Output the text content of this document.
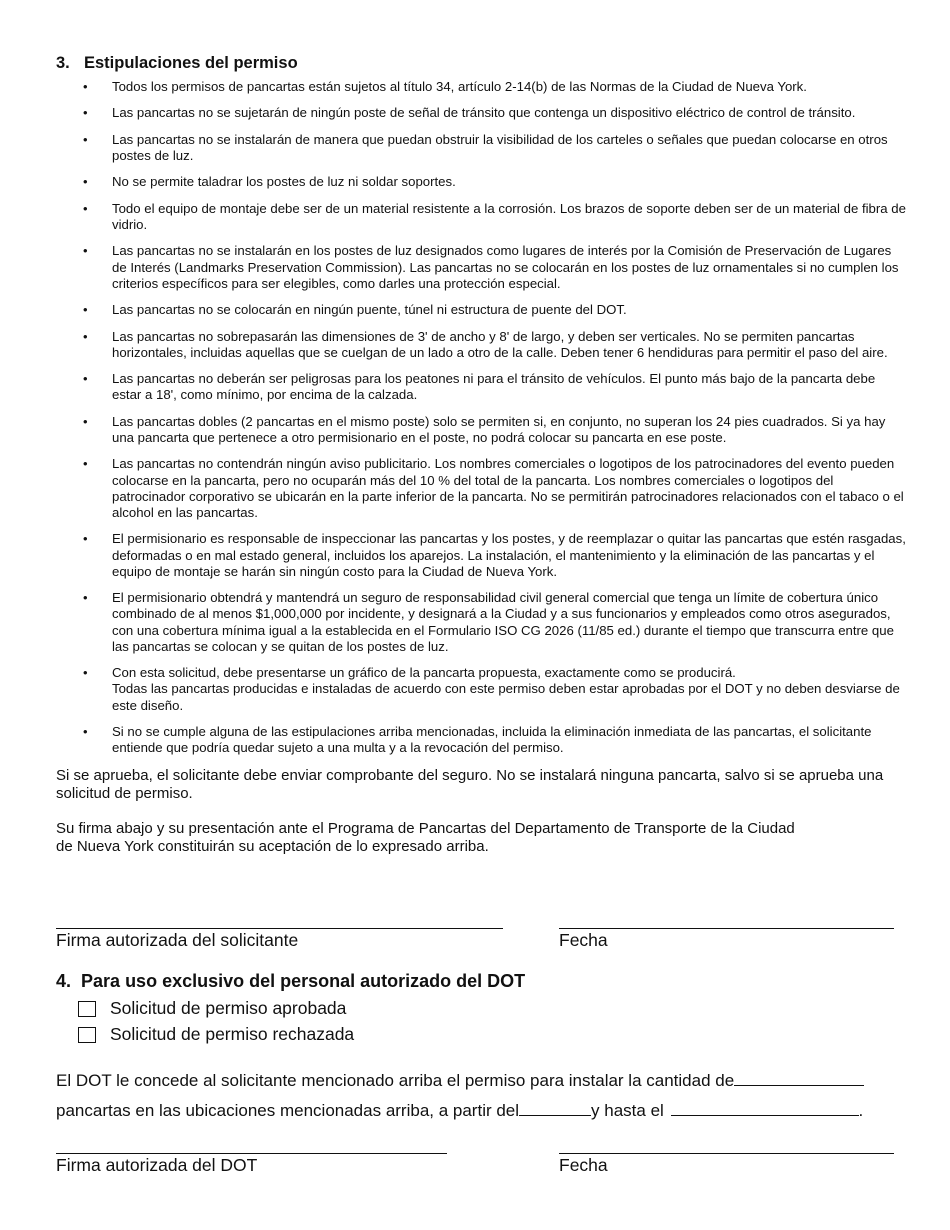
3. Estipulaciones del permiso
• Todos los permisos de pancartas están sujetos al título 34, artículo 2-14(b) de las Normas de la Ciudad de Nueva York.
• Las pancartas no se sujetarán de ningún poste de señal de tránsito que contenga un dispositivo eléctrico de control de tránsito.
• Las pancartas no se instalarán de manera que puedan obstruir la visibilidad de los carteles o señales que puedan colocarse en otros postes de luz.
• No se permite taladrar los postes de luz ni soldar soportes.
• Todo el equipo de montaje debe ser de un material resistente a la corrosión. Los brazos de soporte deben ser de un material de fibra de vidrio.
• Las pancartas no se instalarán en los postes de luz designados como lugares de interés por la Comisión de Preservación de Lugares de Interés (Landmarks Preservation Commission). Las pancartas no se colocarán en los postes de luz ornamentales si no cumplen los criterios específicos para ser elegibles, como darles una protección especial.
• Las pancartas no se colocarán en ningún puente, túnel ni estructura de puente del DOT.
• Las pancartas no sobrepasarán las dimensiones de 3' de ancho y 8' de largo, y deben ser verticales. No se permiten pancartas horizontales, incluidas aquellas que se cuelgan de un lado a otro de la calle. Deben tener 6 hendiduras para permitir el paso del aire.
• Las pancartas no deberán ser peligrosas para los peatones ni para el tránsito de vehículos. El punto más bajo de la pancarta debe estar a 18', como mínimo, por encima de la calzada.
• Las pancartas dobles (2 pancartas en el mismo poste) solo se permiten si, en conjunto, no superan los 24 pies cuadrados. Si ya hay una pancarta que pertenece a otro permisionario en el poste, no podrá colocar su pancarta en ese poste.
• Las pancartas no contendrán ningún aviso publicitario. Los nombres comerciales o logotipos de los patrocinadores del evento pueden colocarse en la pancarta, pero no ocuparán más del 10 % del total de la pancarta. Los nombres comerciales o logotipos del patrocinador corporativo se ubicarán en la parte inferior de la pancarta. No se permitirán patrocinadores relacionados con el tabaco o el alcohol en las pancartas.
• El permisionario es responsable de inspeccionar las pancartas y los postes, y de reemplazar o quitar las pancartas que estén rasgadas, deformadas o en mal estado general, incluidos los aparejos. La instalación, el mantenimiento y la eliminación de las pancartas y el equipo de montaje se harán sin ningún costo para la Ciudad de Nueva York.
• El permisionario obtendrá y mantendrá un seguro de responsabilidad civil general comercial que tenga un límite de cobertura único combinado de al menos $1,000,000 por incidente, y designará a la Ciudad y a sus funcionarios y empleados como otros asegurados, con una cobertura mínima igual a la establecida en el Formulario ISO CG 2026 (11/85 ed.) durante el tiempo que transcurra entre que las pancartas se colocan y se quitan de los postes de luz.
• Con esta solicitud, debe presentarse un gráfico de la pancarta propuesta, exactamente como se producirá.
Todas las pancartas producidas e instaladas de acuerdo con este permiso deben estar aprobadas por el DOT y no deben desviarse de este diseño.
• Si no se cumple alguna de las estipulaciones arriba mencionadas, incluida la eliminación inmediata de las pancartas, el solicitante entiende que podría quedar sujeto a una multa y a la revocación del permiso.

Si se aprueba, el solicitante debe enviar comprobante del seguro. No se instalará ninguna pancarta, salvo si se aprueba una solicitud de permiso.

Su firma abajo y su presentación ante el Programa de Pancartas del Departamento de Transporte de la Ciudad
de Nueva York constituirán su aceptación de lo expresado arriba.

Firma autorizada del solicitante	Fecha
4. Para uso exclusivo del personal autorizado del DOT
Solicitud de permiso aprobada
Solicitud de permiso rechazada
El DOT le concede al solicitante mencionado arriba el permiso para instalar la cantidad de
pancartas en las ubicaciones mencionadas arriba, a partir del	y hasta el	.
Firma autorizada del DOT	Fecha
